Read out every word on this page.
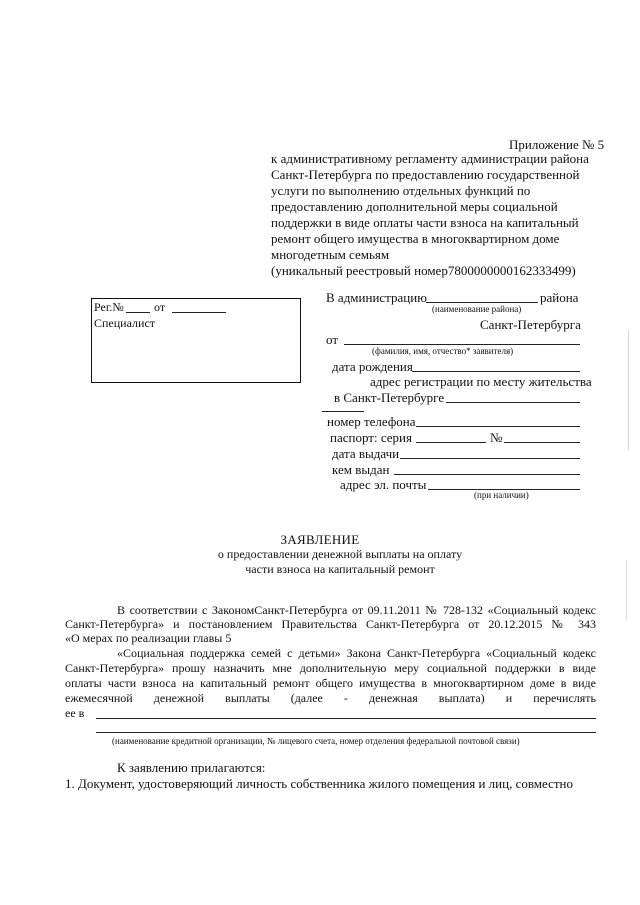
Приложение № 5
к административному регламенту администрации района
Санкт-Петербурга по предоставлению государственной
услуги по выполнению отдельных функций по
предоставлению дополнительной меры социальной
поддержки в виде оплаты части взноса на капитальный
ремонт общего имущества в многоквартирном доме
многодетным семьям
(уникальный реестровый номер7800000000162333499)
Рег.№	от
Специалист
В администрацию	района
(наименование района)
Санкт-Петербурга
от
(фамилия, имя, отчество* заявителя)
дата рождения
адрес регистрации по месту жительства
в Санкт-Петербурге
номер телефона
паспорт: серия	№
дата выдачи
кем выдан
адрес эл. почты
(при наличии)
ЗАЯВЛЕНИЕ
о предоставлении денежной выплаты на оплату
части взноса на капитальный ремонт
В соответствии с ЗакономСанкт-Петербурга от 09.11.2011 № 728-132 «Социальный кодекс
Санкт-Петербурга» и постановлением Правительства Санкт-Петербурга от 20.12.2015 № 343
«О мерах по реализации главы 5
«Социальная поддержка семей с детьми» Закона Санкт-Петербурга «Социальный кодекс
Санкт-Петербурга» прошу назначить мне дополнительную меру социальной поддержки в виде
оплаты части взноса на капитальный ремонт общего имущества в многоквартирном доме в виде
ежемесячной денежной выплаты (далее - денежная выплата) и перечислять
ее в
(наименование кредитной организации, № лицевого счета, номер отделения федеральной почтовой связи)
К заявлению прилагаются:
1. Документ, удостоверяющий личность собственника жилого помещения и лиц, совместно
